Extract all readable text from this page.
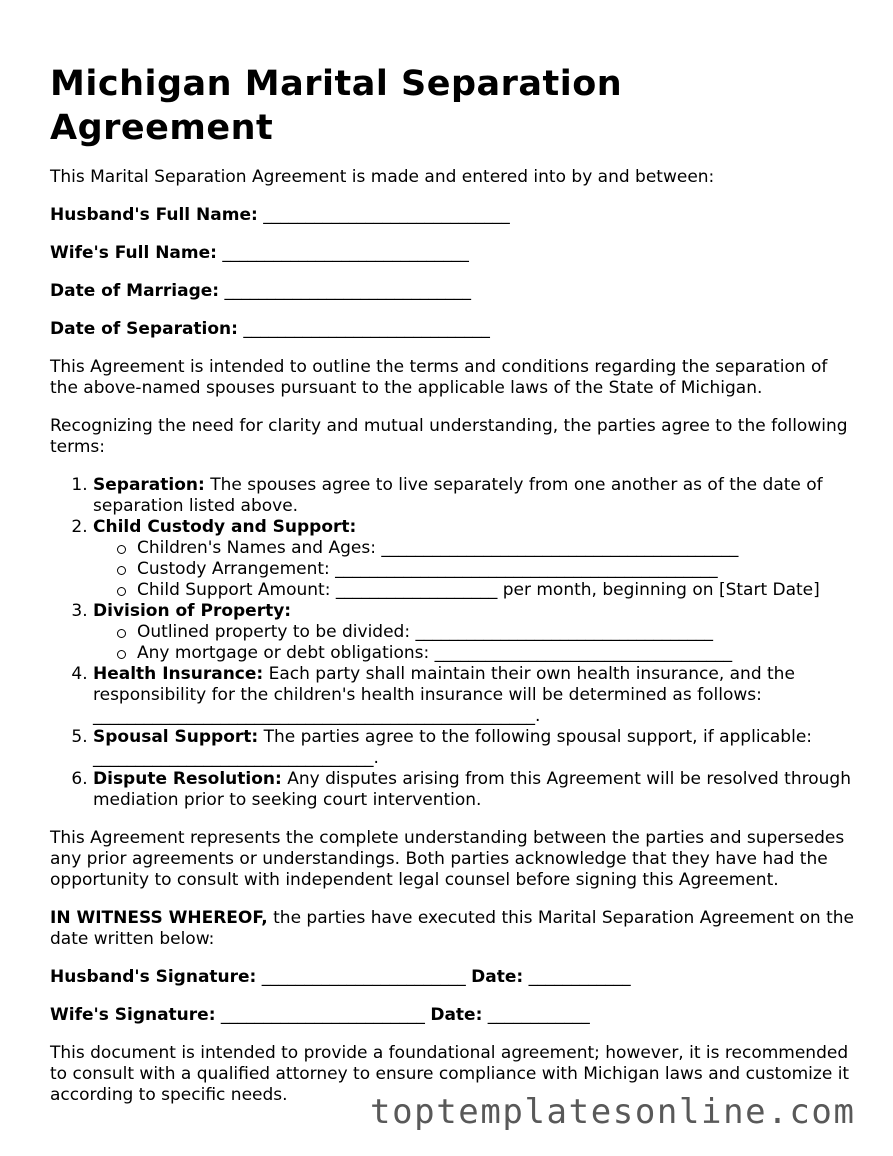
Michigan Marital Separation Agreement

This Marital Separation Agreement is made and entered into by and between:

Husband's Full Name: _____________________________
Wife's Full Name: _____________________________
Date of Marriage: _____________________________
Date of Separation: _____________________________

This Agreement is intended to outline the terms and conditions regarding the separation of the above-named spouses pursuant to the applicable laws of the State of Michigan.

Recognizing the need for clarity and mutual understanding, the parties agree to the following terms:

1. Separation: The spouses agree to live separately from one another as of the date of separation listed above.
2. Child Custody and Support:
Children's Names and Ages: __________________________________________
Custody Arrangement: _____________________________________________
Child Support Amount: ___________________ per month, beginning on [Start Date]
3. Division of Property:
Outlined property to be divided: ___________________________________
Any mortgage or debt obligations: ___________________________________
4. Health Insurance: Each party shall maintain their own health insurance, and the responsibility for the children's health insurance will be determined as follows: ____________________________________________________.
5. Spousal Support: The parties agree to the following spousal support, if applicable: _________________________________.
6. Dispute Resolution: Any disputes arising from this Agreement will be resolved through mediation prior to seeking court intervention.

This Agreement represents the complete understanding between the parties and supersedes any prior agreements or understandings. Both parties acknowledge that they have had the opportunity to consult with independent legal counsel before signing this Agreement.

IN WITNESS WHEREOF, the parties have executed this Marital Separation Agreement on the date written below:

Husband's Signature: ________________________ Date: ____________
Wife's Signature: ________________________ Date: ____________

This document is intended to provide a foundational agreement; however, it is recommended to consult with a qualified attorney to ensure compliance with Michigan laws and customize it according to specific needs.	toptemplatesonline.com
